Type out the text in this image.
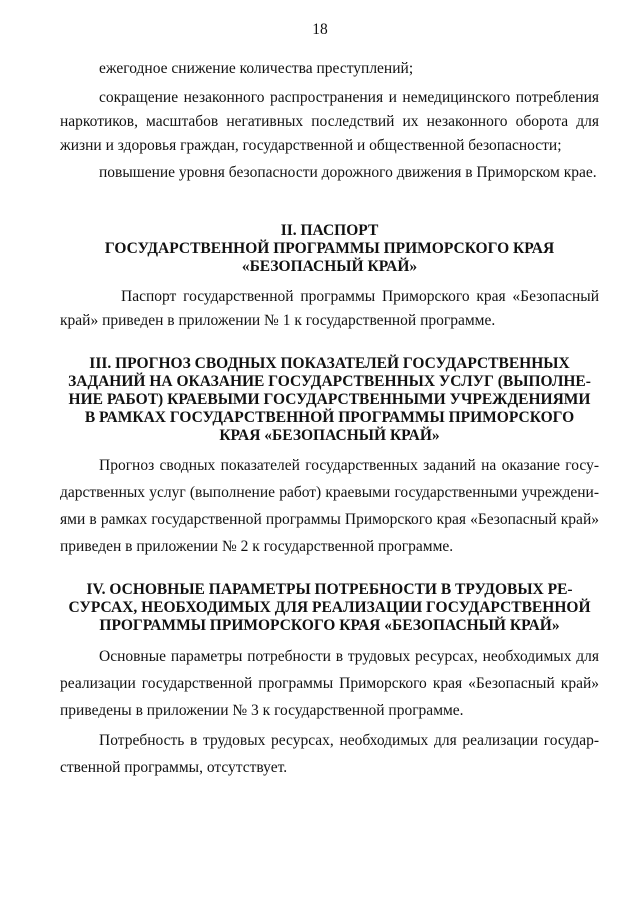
18
ежегодное снижение количества преступлений;
сокращение незаконного распространения и немедицинского потребления
наркотиков, масштабов негативных последствий их незаконного оборота для
жизни и здоровья граждан, государственной и общественной безопасности;
повышение уровня безопасности дорожного движения в Приморском крае.
II. ПАСПОРТ
ГОСУДАРСТВЕННОЙ ПРОГРАММЫ ПРИМОРСКОГО КРАЯ
«БЕЗОПАСНЫЙ КРАЙ»
Паспорт государственной программы Приморского края «Безопасный
край» приведен в приложении № 1 к государственной программе.
III. ПРОГНОЗ СВОДНЫХ ПОКАЗАТЕЛЕЙ ГОСУДАРСТВЕННЫХ
ЗАДАНИЙ НА ОКАЗАНИЕ ГОСУДАРСТВЕННЫХ УСЛУГ (ВЫПОЛНЕ-
НИЕ РАБОТ) КРАЕВЫМИ ГОСУДАРСТВЕННЫМИ УЧРЕЖДЕНИЯМИ
В РАМКАХ ГОСУДАРСТВЕННОЙ ПРОГРАММЫ ПРИМОРСКОГО
КРАЯ «БЕЗОПАСНЫЙ КРАЙ»
Прогноз сводных показателей государственных заданий на оказание госу-
дарственных услуг (выполнение работ) краевыми государственными учреждени-
ями в рамках государственной программы Приморского края «Безопасный край»
приведен в приложении № 2 к государственной программе.
IV. ОСНОВНЫЕ ПАРАМЕТРЫ ПОТРЕБНОСТИ В ТРУДОВЫХ РЕ-
СУРСАХ, НЕОБХОДИМЫХ ДЛЯ РЕАЛИЗАЦИИ ГОСУДАРСТВЕННОЙ
ПРОГРАММЫ ПРИМОРСКОГО КРАЯ «БЕЗОПАСНЫЙ КРАЙ»
Основные параметры потребности в трудовых ресурсах, необходимых для
реализации государственной программы Приморского края «Безопасный край»
приведены в приложении № 3 к государственной программе.
Потребность в трудовых ресурсах, необходимых для реализации государ-
ственной программы, отсутствует.
